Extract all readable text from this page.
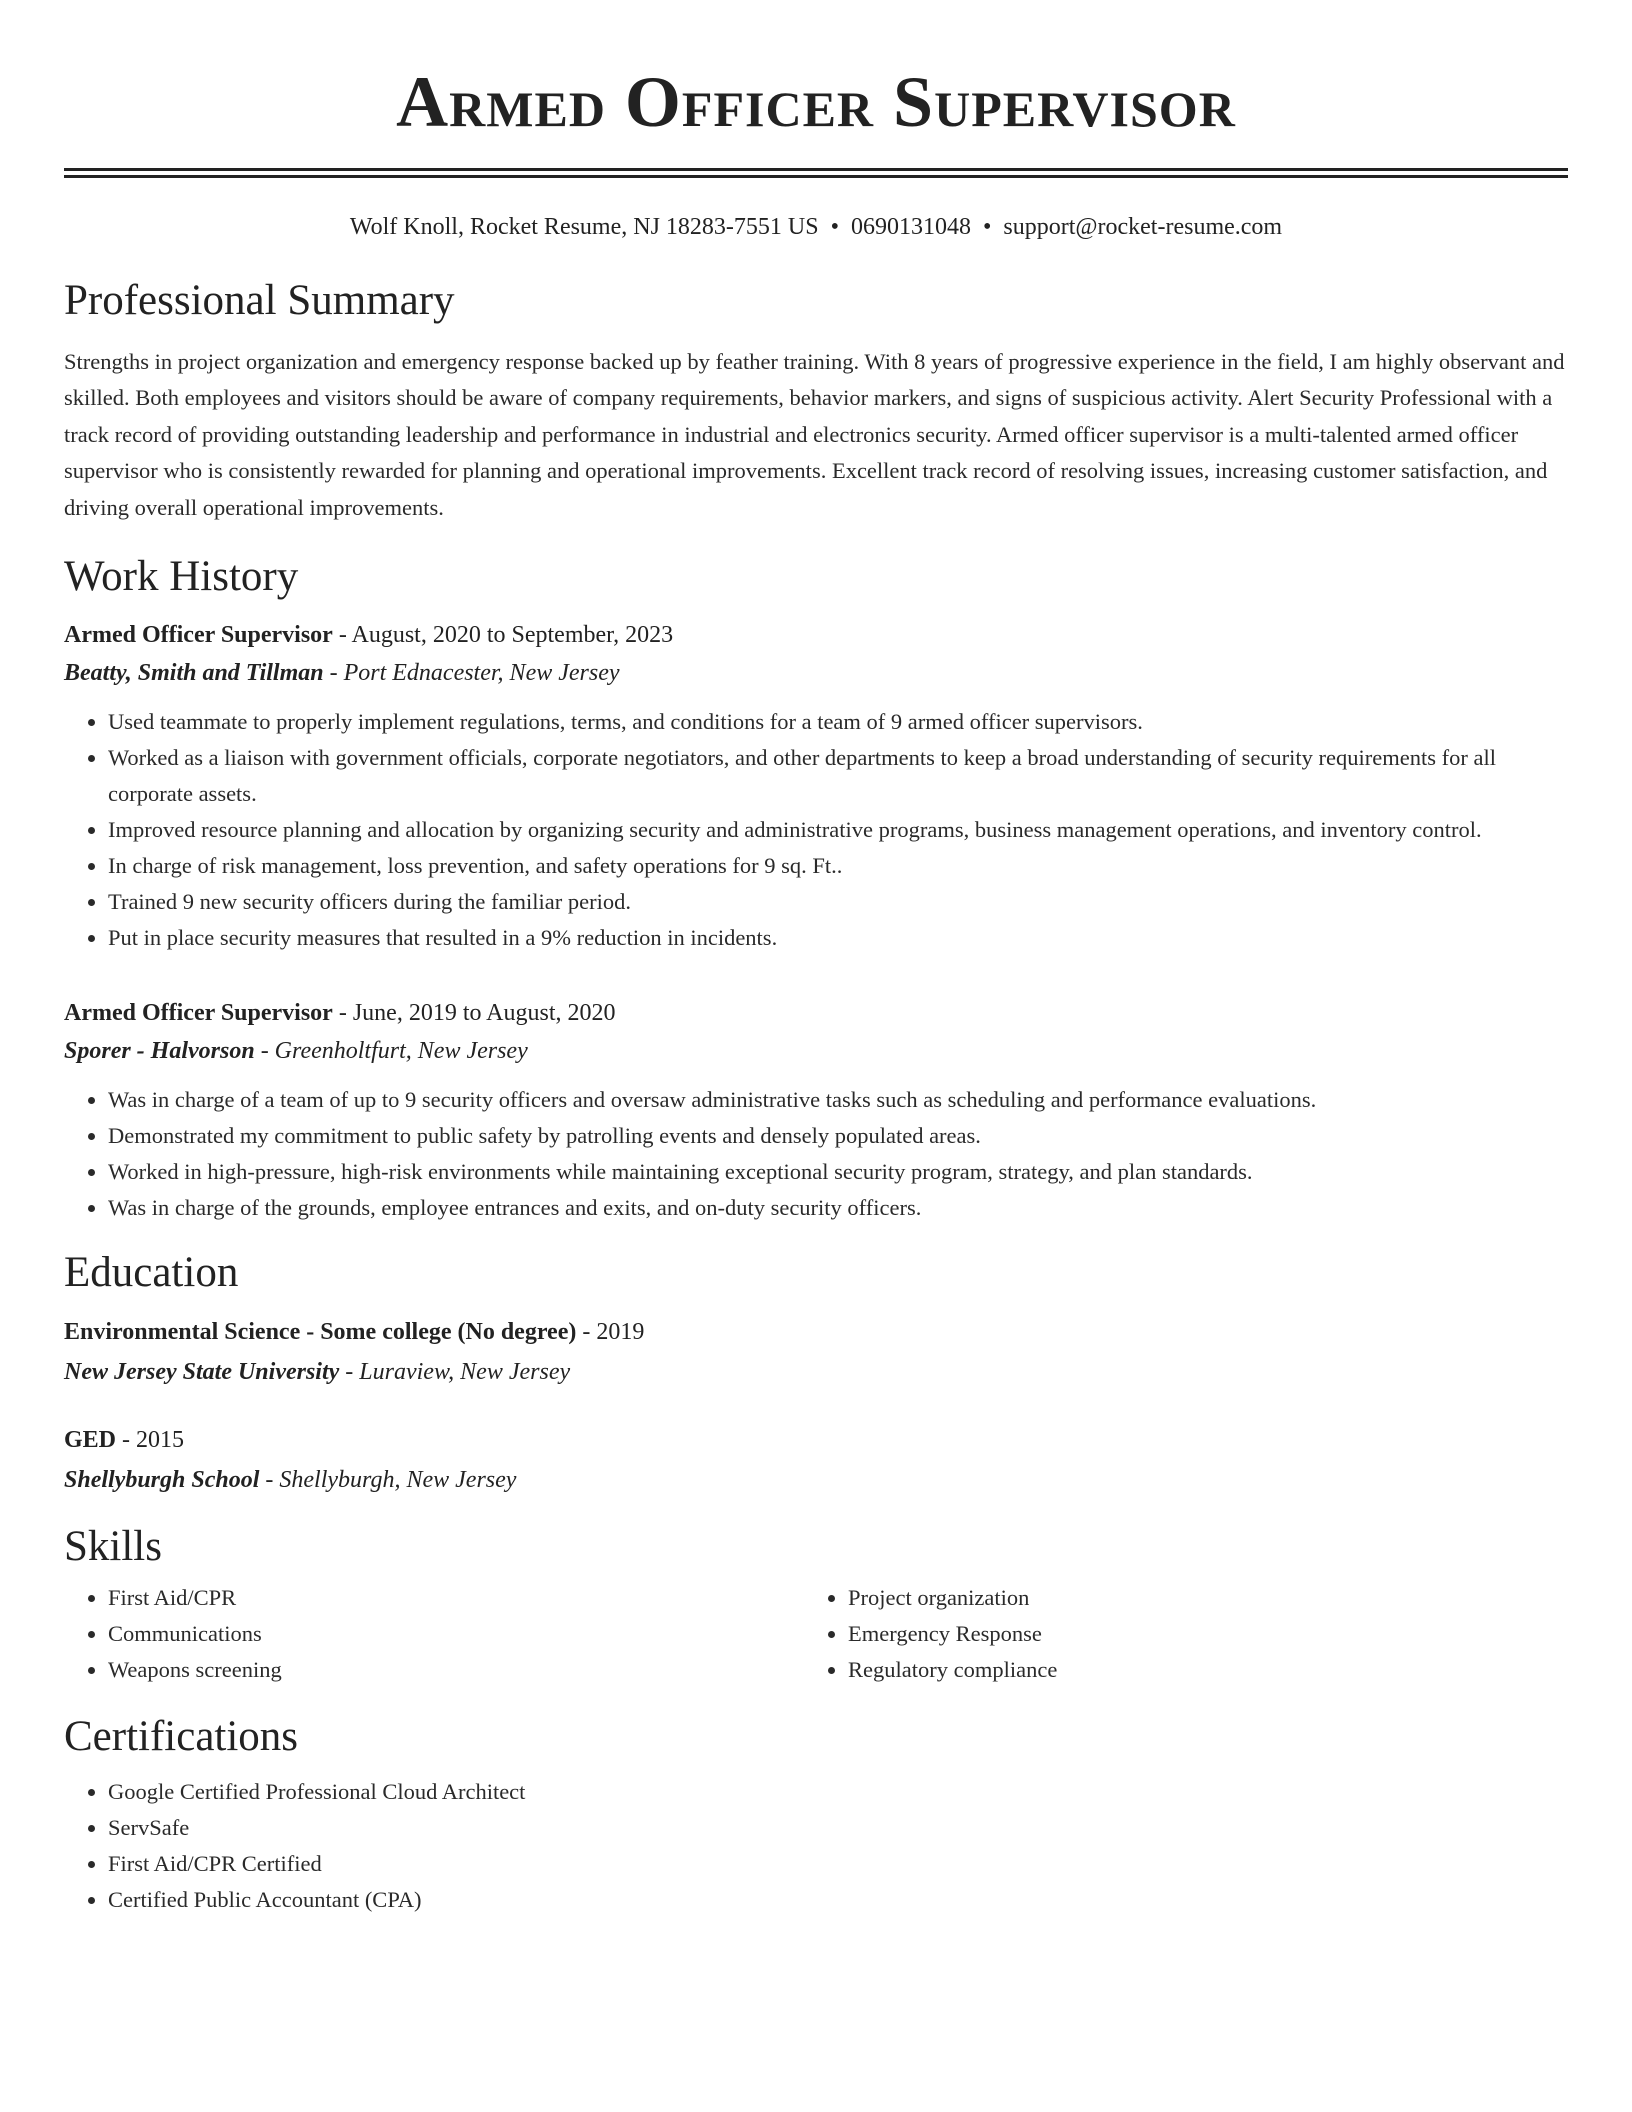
Armed Officer Supervisor
Wolf Knoll, Rocket Resume, NJ 18283-7551 US • 0690131048 • support@rocket-resume.com
Professional Summary

Strengths in project organization and emergency response backed up by feather training. With 8 years of progressive experience in the field, I am highly observant and skilled. Both employees and visitors should be aware of company requirements, behavior markers, and signs of suspicious activity. Alert Security Professional with a track record of providing outstanding leadership and performance in industrial and electronics security. Armed officer supervisor is a multi-talented armed officer supervisor who is consistently rewarded for planning and operational improvements. Excellent track record of resolving issues, increasing customer satisfaction, and driving overall operational improvements.

Work History
Armed Officer Supervisor - August, 2020 to September, 2023
Beatty, Smith and Tillman - Port Ednacester, New Jersey
• Used teammate to properly implement regulations, terms, and conditions for a team of 9 armed officer supervisors.
• Worked as a liaison with government officials, corporate negotiators, and other departments to keep a broad understanding of security requirements for all corporate assets.
• Improved resource planning and allocation by organizing security and administrative programs, business management operations, and inventory control.
• In charge of risk management, loss prevention, and safety operations for 9 sq. Ft..
• Trained 9 new security officers during the familiar period.
• Put in place security measures that resulted in a 9% reduction in incidents.
Armed Officer Supervisor - June, 2019 to August, 2020
Sporer - Halvorson - Greenholtfurt, New Jersey
• Was in charge of a team of up to 9 security officers and oversaw administrative tasks such as scheduling and performance evaluations.
• Demonstrated my commitment to public safety by patrolling events and densely populated areas.
• Worked in high-pressure, high-risk environments while maintaining exceptional security program, strategy, and plan standards.
• Was in charge of the grounds, employee entrances and exits, and on-duty security officers.
Education
Environmental Science - Some college (No degree) - 2019
New Jersey State University - Luraview, New Jersey
GED - 2015
Shellyburgh School - Shellyburgh, New Jersey
Skills
• First Aid/CPR
• Communications
• Weapons screening
• Project organization
• Emergency Response
• Regulatory compliance
Certifications
• Google Certified Professional Cloud Architect
• ServSafe
• First Aid/CPR Certified
• Certified Public Accountant (CPA)
